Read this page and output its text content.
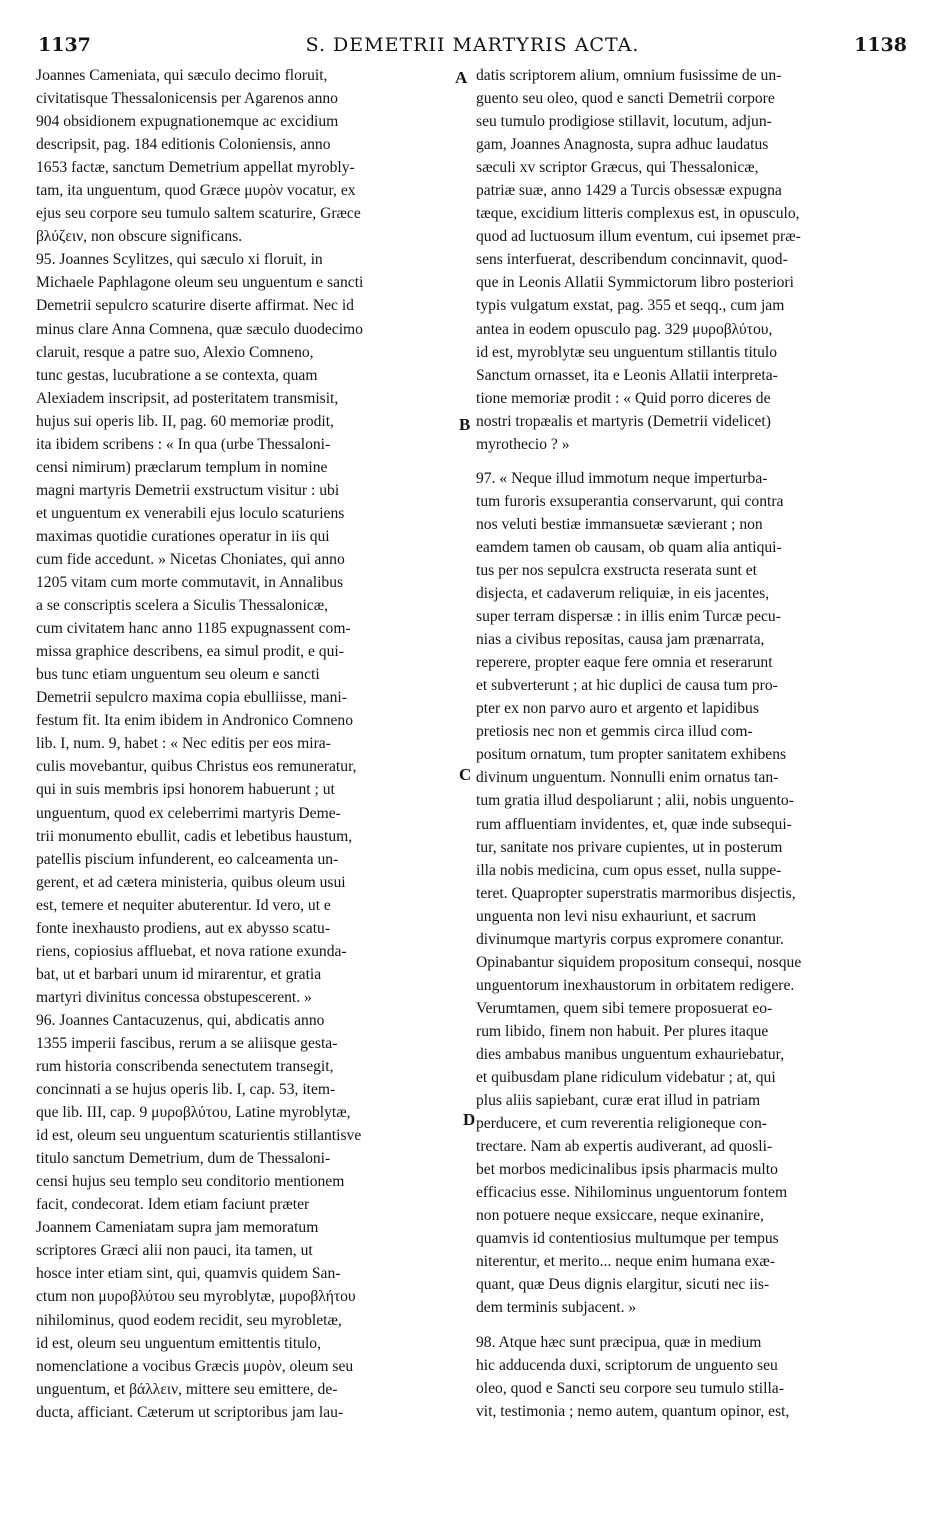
1137	S. DEMETRII MARTYRIS ACTA.	1138
A
B
C
D
Joannes Cameniata, qui sæculo decimo floruit,
civitatisque Thessalonicensis per Agarenos anno
904 obsidionem expugnationemque ac excidium
descripsit, pag. 184 editionis Coloniensis, anno
1653 factæ, sanctum Demetrium appellat myrobly-
tam, ita unguentum, quod Græce μυρὸν vocatur, ex
ejus seu corpore seu tumulo saltem scaturire, Græce
βλύζειν, non obscure significans.
95. Joannes Scylitzes, qui sæculo xi floruit, in
Michaele Paphlagone oleum seu unguentum e sancti
Demetrii sepulcro scaturire diserte affirmat. Nec id
minus clare Anna Comnena, quæ sæculo duodecimo
claruit, resque a patre suo, Alexio Comneno,
tunc gestas, lucubratione a se contexta, quam
Alexiadem inscripsit, ad posteritatem transmisit,
hujus sui operis lib. II, pag. 60 memoriæ prodit,
ita ibidem scribens : « In qua (urbe Thessaloni-
censi nimirum) præclarum templum in nomine
magni martyris Demetrii exstructum visitur : ubi
et unguentum ex venerabili ejus loculo scaturiens
maximas quotidie curationes operatur in iis qui
cum fide accedunt. » Nicetas Choniates, qui anno
1205 vitam cum morte commutavit, in Annalibus
a se conscriptis scelera a Siculis Thessalonicæ,
cum civitatem hanc anno 1185 expugnassent com-
missa graphice describens, ea simul prodit, e qui-
bus tunc etiam unguentum seu oleum e sancti
Demetrii sepulcro maxima copia ebulliisse, mani-
festum fit. Ita enim ibidem in Andronico Comneno
lib. I, num. 9, habet : « Nec editis per eos mira-
culis movebantur, quibus Christus eos remuneratur,
qui in suis membris ipsi honorem habuerunt ; ut
unguentum, quod ex celeberrimi martyris Deme-
trii monumento ebullit, cadis et lebetibus haustum,
patellis piscium infunderent, eo calceamenta un-
gerent, et ad cætera ministeria, quibus oleum usui
est, temere et nequiter abuterentur. Id vero, ut e
fonte inexhausto prodiens, aut ex abysso scatu-
riens, copiosius affluebat, et nova ratione exunda-
bat, ut et barbari unum id mirarentur, et gratia
martyri divinitus concessa obstupescerent. »
96. Joannes Cantacuzenus, qui, abdicatis anno
1355 imperii fascibus, rerum a se aliisque gesta-
rum historia conscribenda senectutem transegit,
concinnati a se hujus operis lib. I, cap. 53, item-
que lib. III, cap. 9 μυροβλύτου, Latine myroblytæ,
id est, oleum seu unguentum scaturientis stillantisve
titulo sanctum Demetrium, dum de Thessaloni-
censi hujus seu templo seu conditorio mentionem
facit, condecorat. Idem etiam faciunt præter
Joannem Cameniatam supra jam memoratum
scriptores Græci alii non pauci, ita tamen, ut
hosce inter etiam sint, qui, quamvis quidem San-
ctum non μυροβλύτου seu myroblytæ, μυροβλήτου
nihilominus, quod eodem recidit, seu myrobletæ,
id est, oleum seu unguentum emittentis titulo,
nomenclatione a vocibus Græcis μυρὸν, oleum seu
unguentum, et βάλλειν, mittere seu emittere, de-
ducta, afficiant. Cæterum ut scriptoribus jam lau-
datis scriptorem alium, omnium fusissime de un-
guento seu oleo, quod e sancti Demetrii corpore
seu tumulo prodigiose stillavit, locutum, adjun-
gam, Joannes Anagnosta, supra adhuc laudatus
sæculi xv scriptor Græcus, qui Thessalonicæ,
patriæ suæ, anno 1429 a Turcis obsessæ expugna
tæque, excidium litteris complexus est, in opusculo,
quod ad luctuosum illum eventum, cui ipsemet præ-
sens interfuerat, describendum concinnavit, quod-
que in Leonis Allatii Symmictorum libro posteriori
typis vulgatum exstat, pag. 355 et seqq., cum jam
antea in eodem opusculo pag. 329 μυροβλύτου,
id est, myroblytæ seu unguentum stillantis titulo
Sanctum ornasset, ita e Leonis Allatii interpreta-
tione memoriæ prodit : « Quid porro diceres de
nostri tropæalis et martyris (Demetrii videlicet)
myrothecio ? »
97. « Neque illud immotum neque imperturba-
tum furoris exsuperantia conservarunt, qui contra
nos veluti bestiæ immansuetæ sævierant ; non
eamdem tamen ob causam, ob quam alia antiqui-
tus per nos sepulcra exstructa reserata sunt et
disjecta, et cadaverum reliquiæ, in eis jacentes,
super terram dispersæ : in illis enim Turcæ pecu-
nias a civibus repositas, causa jam prænarrata,
reperere, propter eaque fere omnia et reserarunt
et subverterunt ; at hic duplici de causa tum pro-
pter ex non parvo auro et argento et lapidibus
pretiosis nec non et gemmis circa illud com-
positum ornatum, tum propter sanitatem exhibens
divinum unguentum. Nonnulli enim ornatus tan-
tum gratia illud despoliarunt ; alii, nobis unguento-
rum affluentiam invidentes, et, quæ inde subsequi-
tur, sanitate nos privare cupientes, ut in posterum
illa nobis medicina, cum opus esset, nulla suppe-
teret. Quapropter superstratis marmoribus disjectis,
unguenta non levi nisu exhauriunt, et sacrum
divinumque martyris corpus expromere conantur.
Opinabantur siquidem propositum consequi, nosque
unguentorum inexhaustorum in orbitatem redigere.
Verumtamen, quem sibi temere proposuerat eo-
rum libido, finem non habuit. Per plures itaque
dies ambabus manibus unguentum exhauriebatur,
et quibusdam plane ridiculum videbatur ; at, qui
plus aliis sapiebant, curæ erat illud in patriam
perducere, et cum reverentia religioneque con-
trectare. Nam ab expertis audiverant, ad quosli-
bet morbos medicinalibus ipsis pharmacis multo
efficacius esse. Nihilominus unguentorum fontem
non potuere neque exsiccare, neque exinanire,
quamvis id contentiosius multumque per tempus
niterentur, et merito... neque enim humana exæ-
quant, quæ Deus dignis elargitur, sicuti nec iis-
dem terminis subjacent. »
98. Atque hæc sunt præcipua, quæ in medium
hic adducenda duxi, scriptorum de unguento seu
oleo, quod e Sancti seu corpore seu tumulo stilla-
vit, testimonia ; nemo autem, quantum opinor, est,
